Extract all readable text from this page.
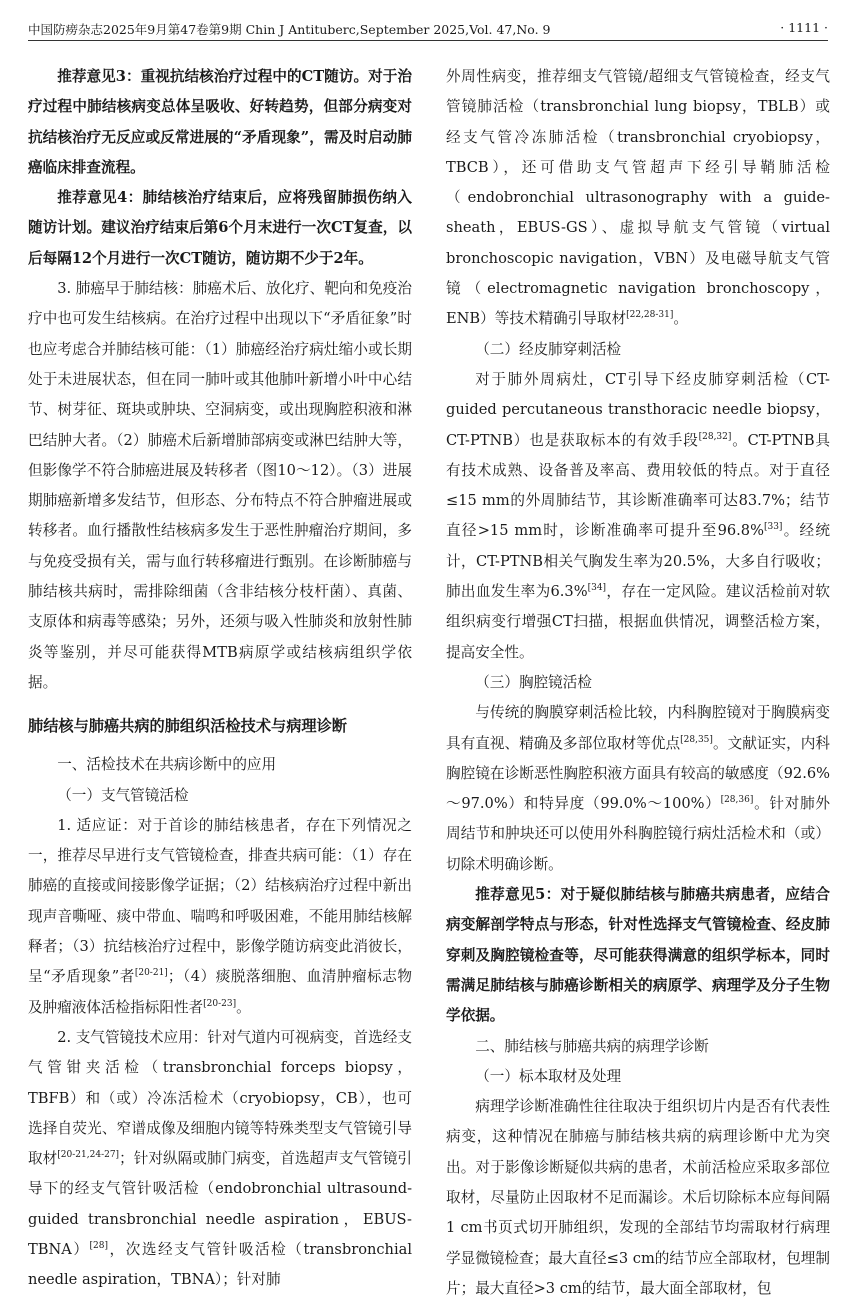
中国防痨杂志2025年9月第47卷第9期 Chin J Antituberc,September 2025,Vol. 47,No. 9	· 1111 ·

推荐意见3：重视抗结核治疗过程中的CT随访。对于治疗过程中肺结核病变总体呈吸收、好转趋势，但部分病变对抗结核治疗无反应或反常进展的“矛盾现象”，需及时启动肺癌临床排查流程。

推荐意见4：肺结核治疗结束后，应将残留肺损伤纳入随访计划。建议治疗结束后第6个月末进行一次CT复查，以后每隔12个月进行一次CT随访，随访期不少于2年。

3. 肺癌早于肺结核：肺癌术后、放化疗、靶向和免疫治疗中也可发生结核病。在治疗过程中出现以下“矛盾征象”时也应考虑合并肺结核可能：（1）肺癌经治疗病灶缩小或长期处于未进展状态，但在同一肺叶或其他肺叶新增小叶中心结节、树芽征、斑块或肿块、空洞病变，或出现胸腔积液和淋巴结肿大者。（2）肺癌术后新增肺部病变或淋巴结肿大等，但影像学不符合肺癌进展及转移者（图10～12）。（3）进展期肺癌新增多发结节，但形态、分布特点不符合肿瘤进展或转移者。血行播散性结核病多发生于恶性肿瘤治疗期间，多与免疫受损有关，需与血行转移瘤进行甄别。在诊断肺癌与肺结核共病时，需排除细菌（含非结核分枝杆菌）、真菌、支原体和病毒等感染；另外，还须与吸入性肺炎和放射性肺炎等鉴别，并尽可能获得MTB病原学或结核病组织学依据。

肺结核与肺癌共病的肺组织活检技术与病理诊断

一、活检技术在共病诊断中的应用

（一）支气管镜活检

1. 适应证：对于首诊的肺结核患者，存在下列情况之一，推荐尽早进行支气管镜检查，排查共病可能：（1）存在肺癌的直接或间接影像学证据；（2）结核病治疗过程中新出现声音嘶哑、痰中带血、喘鸣和呼吸困难，不能用肺结核解释者；（3）抗结核治疗过程中，影像学随访病变此消彼长，呈“矛盾现象”者[20-21]；（4）痰脱落细胞、血清肿瘤标志物及肿瘤液体活检指标阳性者[20-23]。

2. 支气管镜技术应用：针对气道内可视病变，首选经支气管钳夹活检（transbronchial forceps biopsy，TBFB）和（或）冷冻活检术（cryobiopsy，CB），也可选择自荧光、窄谱成像及细胞内镜等特殊类型支气管镜引导取材[20-21,24-27]；针对纵隔或肺门病变，首选超声支气管镜引导下的经支气管针吸活检（endobronchial ultrasound-guided transbronchial needle aspiration，EBUS-TBNA）[28]，次选经支气管针吸活检（transbronchial needle aspiration，TBNA）；针对肺

外周性病变，推荐细支气管镜/超细支气管镜检查，经支气管镜肺活检（transbronchial lung biopsy，TBLB）或经支气管冷冻肺活检（transbronchial cryobiopsy，TBCB），还可借助支气管超声下经引导鞘肺活检（endobronchial ultrasonography with a guide-sheath，EBUS-GS）、虚拟导航支气管镜（virtual bronchoscopic navigation，VBN）及电磁导航支气管镜（electromagnetic navigation bronchoscopy，ENB）等技术精确引导取材[22,28-31]。

（二）经皮肺穿刺活检

对于肺外周病灶，CT引导下经皮肺穿刺活检（CT-guided percutaneous transthoracic needle biopsy，CT-PTNB）也是获取标本的有效手段[28,32]。CT-PTNB具有技术成熟、设备普及率高、费用较低的特点。对于直径≤15 mm的外周肺结节，其诊断准确率可达83.7%；结节直径>15 mm时，诊断准确率可提升至96.8%[33]。经统计，CT-PTNB相关气胸发生率为20.5%，大多自行吸收；肺出血发生率为6.3%[34]，存在一定风险。建议活检前对软组织病变行增强CT扫描，根据血供情况，调整活检方案，提高安全性。

（三）胸腔镜活检

与传统的胸膜穿刺活检比较，内科胸腔镜对于胸膜病变具有直视、精确及多部位取材等优点[28,35]。文献证实，内科胸腔镜在诊断恶性胸腔积液方面具有较高的敏感度（92.6%～97.0%）和特异度（99.0%～100%）[28,36]。针对肺外周结节和肿块还可以使用外科胸腔镜行病灶活检术和（或）切除术明确诊断。

推荐意见5：对于疑似肺结核与肺癌共病患者，应结合病变解剖学特点与形态，针对性选择支气管镜检查、经皮肺穿刺及胸腔镜检查等，尽可能获得满意的组织学标本，同时需满足肺结核与肺癌诊断相关的病原学、病理学及分子生物学依据。

二、肺结核与肺癌共病的病理学诊断

（一）标本取材及处理

病理学诊断准确性往往取决于组织切片内是否有代表性病变，这种情况在肺癌与肺结核共病的病理诊断中尤为突出。对于影像诊断疑似共病的患者，术前活检应采取多部位取材，尽量防止因取材不足而漏诊。术后切除标本应每间隔1 cm书页式切开肺组织，发现的全部结节均需取材行病理学显微镜检查；最大直径≤3 cm的结节应全部取材，包埋制片；最大直径>3 cm的结节，最大面全部取材，包
